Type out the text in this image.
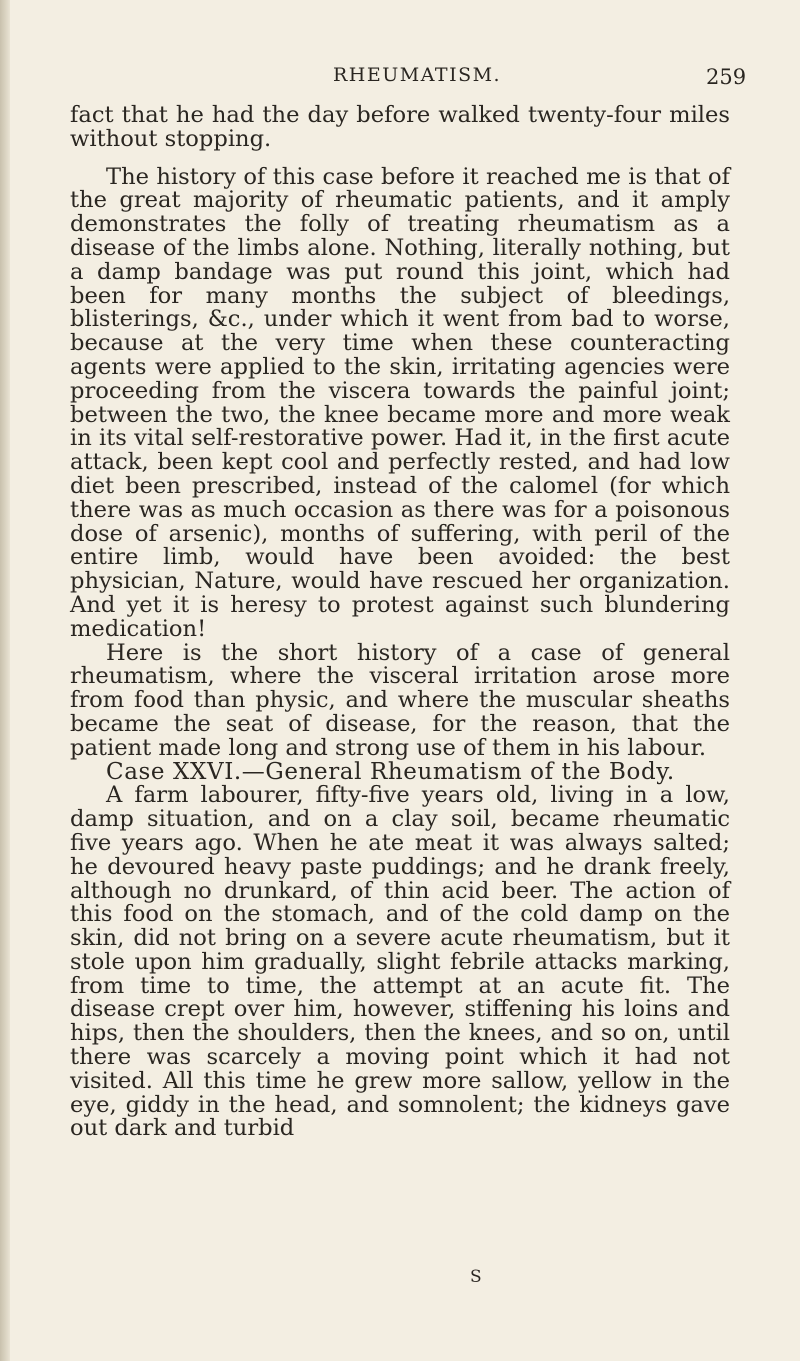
RHEUMATISM.	259

fact that he had the day before walked twenty-four miles without stopping.

The history of this case before it reached me is that of the great majority of rheumatic patients, and it amply demonstrates the folly of treating rheumatism as a disease of the limbs alone. Nothing, literally nothing, but a damp bandage was put round this joint, which had been for many months the subject of bleedings, blisterings, &c., under which it went from bad to worse, because at the very time when these counteracting agents were applied to the skin, irritating agencies were proceeding from the viscera towards the painful joint; between the two, the knee became more and more weak in its vital self-restorative power. Had it, in the first acute attack, been kept cool and perfectly rested, and had low diet been prescribed, instead of the calomel (for which there was as much occasion as there was for a poisonous dose of arsenic), months of suffering, with peril of the entire limb, would have been avoided: the best physician, Nature, would have rescued her organization. And yet it is heresy to protest against such blundering medication!

Here is the short history of a case of general rheumatism, where the visceral irritation arose more from food than physic, and where the muscular sheaths became the seat of disease, for the reason, that the patient made long and strong use of them in his labour.

Case XXVI.—General Rheumatism of the Body.

A farm labourer, fifty-five years old, living in a low, damp situation, and on a clay soil, became rheumatic five years ago. When he ate meat it was always salted; he devoured heavy paste puddings; and he drank freely, although no drunkard, of thin acid beer. The action of this food on the stomach, and of the cold damp on the skin, did not bring on a severe acute rheumatism, but it stole upon him gradually, slight febrile attacks marking, from time to time, the attempt at an acute fit. The disease crept over him, however, stiffening his loins and hips, then the shoulders, then the knees, and so on, until there was scarcely a moving point which it had not visited. All this time he grew more sallow, yellow in the eye, giddy in the head, and somnolent; the kidneys gave out dark and turbid

S
